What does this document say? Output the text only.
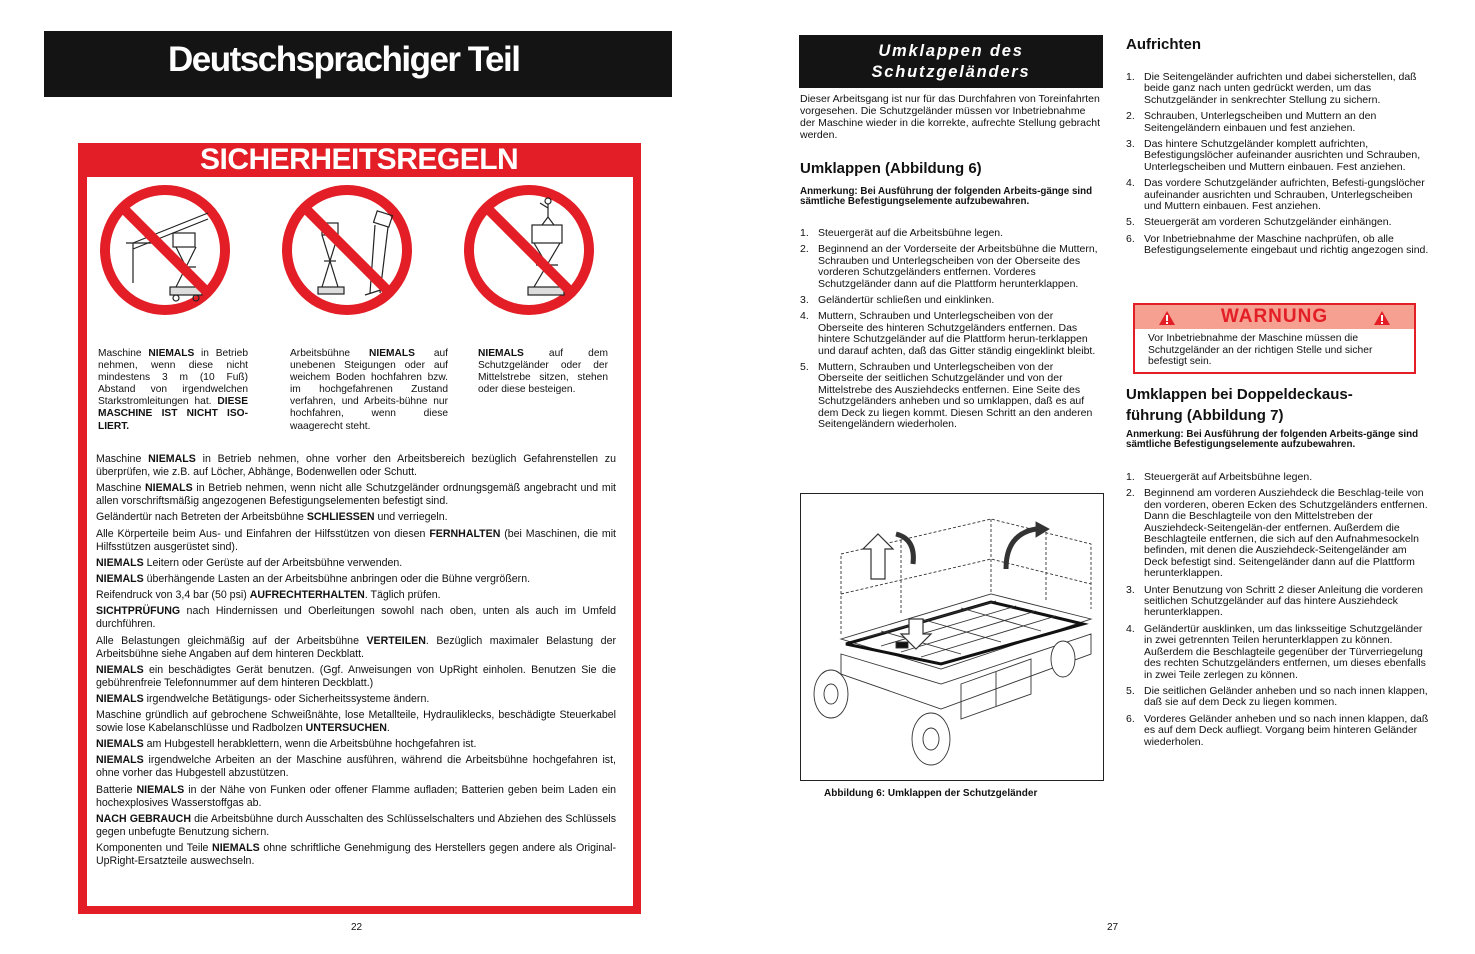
Deutschsprachiger Teil
SICHERHEITSREGELN
Maschine NIEMALS in Betrieb nehmen, wenn diese nicht mindestens 3 m (10 Fuß) Abstand von irgendwelchen Starkstromleitungen hat. DIESE MASCHINE IST NICHT ISO-LIERT.
Arbeitsbühne NIEMALS auf unebenen Steigungen oder auf weichem Boden hochfahren bzw. im hochgefahrenen Zustand verfahren, und Arbeits-bühne nur hochfahren, wenn diese waagerecht steht.
NIEMALS auf dem Schutzgeländer oder der Mittelstrebe sitzen, stehen oder diese besteigen.

Maschine NIEMALS in Betrieb nehmen, ohne vorher den Arbeitsbereich bezüglich Gefahrenstellen zu überprüfen, wie z.B. auf Löcher, Abhänge, Bodenwellen oder Schutt.

Maschine NIEMALS in Betrieb nehmen, wenn nicht alle Schutzgeländer ordnungsgemäß angebracht und mit allen vorschriftsmäßig angezogenen Befestigungselementen befestigt sind.

Geländertür nach Betreten der Arbeitsbühne SCHLIESSEN und verriegeln.

Alle Körperteile beim Aus- und Einfahren der Hilfsstützen von diesen FERNHALTEN (bei Maschinen, die mit Hilfsstützen ausgerüstet sind).

NIEMALS Leitern oder Gerüste auf der Arbeitsbühne verwenden.

NIEMALS überhängende Lasten an der Arbeitsbühne anbringen oder die Bühne vergrößern.

Reifendruck von 3,4 bar (50 psi) AUFRECHTERHALTEN. Täglich prüfen.

SICHTPRÜFUNG nach Hindernissen und Oberleitungen sowohl nach oben, unten als auch im Umfeld durchführen.

Alle Belastungen gleichmäßig auf der Arbeitsbühne VERTEILEN. Bezüglich maximaler Belastung der Arbeitsbühne siehe Angaben auf dem hinteren Deckblatt.

NIEMALS ein beschädigtes Gerät benutzen. (Ggf. Anweisungen von UpRight einholen. Benutzen Sie die gebührenfreie Telefonnummer auf dem hinteren Deckblatt.)

NIEMALS irgendwelche Betätigungs- oder Sicherheitssysteme ändern.

Maschine gründlich auf gebrochene Schweißnähte, lose Metallteile, Hydrauliklecks, beschädigte Steuerkabel sowie lose Kabelanschlüsse und Radbolzen UNTERSUCHEN.

NIEMALS am Hubgestell herabklettern, wenn die Arbeitsbühne hochgefahren ist.

NIEMALS irgendwelche Arbeiten an der Maschine ausführen, während die Arbeitsbühne hochgefahren ist, ohne vorher das Hubgestell abzustützen.

Batterie NIEMALS in der Nähe von Funken oder offener Flamme aufladen; Batterien geben beim Laden ein hochexplosives Wasserstoffgas ab.

NACH GEBRAUCH die Arbeitsbühne durch Ausschalten des Schlüsselschalters und Abziehen des Schlüssels gegen unbefugte Benutzung sichern.

Komponenten und Teile NIEMALS ohne schriftliche Genehmigung des Herstellers gegen andere als Original-UpRight-Ersatzteile auswechseln.

22
Umklappen des
Schutzgeländers
Dieser Arbeitsgang ist nur für das Durchfahren von Toreinfahrten vorgesehen. Die Schutzgeländer müssen vor Inbetriebnahme der Maschine wieder in die korrekte, aufrechte Stellung gebracht werden.
Umklappen (Abbildung 6)
Anmerkung: Bei Ausführung der folgenden Arbeits-gänge sind sämtliche Befestigungselemente aufzubewahren.
1. Steuergerät auf die Arbeitsbühne legen.
2. Beginnend an der Vorderseite der Arbeitsbühne die Muttern, Schrauben und Unterlegscheiben von der Oberseite des vorderen Schutzgeländers entfernen. Vorderes Schutzgeländer dann auf die Plattform herunterklappen.
3. Geländertür schließen und einklinken.
4. Muttern, Schrauben und Unterlegscheiben von der Oberseite des hinteren Schutzgeländers entfernen. Das hintere Schutzgeländer auf die Plattform herun-terklappen und darauf achten, daß das Gitter ständig eingeklinkt bleibt.
5. Muttern, Schrauben und Unterlegscheiben von der Oberseite der seitlichen Schutzgeländer und von der Mittelstrebe des Ausziehdecks entfernen. Eine Seite des Schutzgeländers anheben und so umklappen, daß es auf dem Deck zu liegen kommt. Diesen Schritt an den anderen Seitengeländern wiederholen.
Abbildung 6: Umklappen der Schutzgeländer
Aufrichten
1. Die Seitengeländer aufrichten und dabei sicherstellen, daß beide ganz nach unten gedrückt werden, um das Schutzgeländer in senkrechter Stellung zu sichern.
2. Schrauben, Unterlegscheiben und Muttern an den Seitengeländern einbauen und fest anziehen.
3. Das hintere Schutzgeländer komplett aufrichten, Befestigungslöcher aufeinander ausrichten und Schrauben, Unterlegscheiben und Muttern einbauen. Fest anziehen.
4. Das vordere Schutzgeländer aufrichten, Befesti-gungslöcher aufeinander ausrichten und Schrauben, Unterlegscheiben und Muttern einbauen. Fest anziehen.
5. Steuergerät am vorderen Schutzgeländer einhängen.
6. Vor Inbetriebnahme der Maschine nachprüfen, ob alle Befestigungselemente eingebaut und richtig angezogen sind.
WARNUNG
Vor Inbetriebnahme der Maschine müssen die Schutzgeländer an der richtigen Stelle und sicher befestigt sein.
Umklappen bei Doppeldeckaus-
führung (Abbildung 7)
Anmerkung: Bei Ausführung der folgenden Arbeits-gänge sind sämtliche Befestigungselemente aufzubewahren.
1. Steuergerät auf Arbeitsbühne legen.
2. Beginnend am vorderen Ausziehdeck die Beschlag-teile von den vorderen, oberen Ecken des Schutzgeländers entfernen. Dann die Beschlagteile von den Mittelstreben der Ausziehdeck-Seitengelän-der entfernen. Außerdem die Beschlagteile entfernen, die sich auf den Aufnahmesockeln befinden, mit denen die Ausziehdeck-Seitengeländer am Deck befestigt sind. Seitengeländer dann auf die Plattform herunterklappen.
3. Unter Benutzung von Schritt 2 dieser Anleitung die vorderen seitlichen Schutzgeländer auf das hintere Ausziehdeck herunterklappen.
4. Geländertür ausklinken, um das linksseitige Schutzgeländer in zwei getrennten Teilen herunterklappen zu können. Außerdem die Beschlagteile gegenüber der Türverriegelung des rechten Schutzgeländers entfernen, um dieses ebenfalls in zwei Teile zerlegen zu können.
5. Die seitlichen Geländer anheben und so nach innen klappen, daß sie auf dem Deck zu liegen kommen.
6. Vorderes Geländer anheben und so nach innen klappen, daß es auf dem Deck aufliegt. Vorgang beim hinteren Geländer wiederholen.
27
